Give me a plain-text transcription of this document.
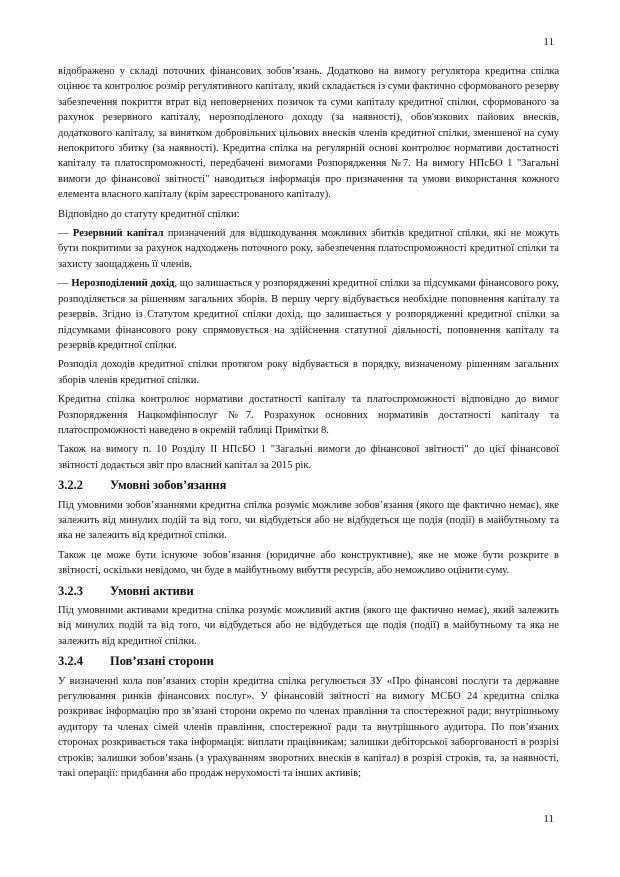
11

відображено у складі поточних фінансових зобов’язань. Додатково на вимогу регулятора кредитна спілка оцінює та контролює розмір регулятивного капіталу, який складається із суми фактично сформованого резерву забезпечення покриття втрат від неповернених позичок та суми капіталу кредитної спілки, сформованого за рахунок резервного капіталу, нерозподіленого доходу (за наявності), обов'язкових пайових внесків, додаткового капіталу, за винятком добровільних цільових внесків членів кредитної спілки, зменшеної на суму непокритого збитку (за наявності). Кредитна спілка на регулярній основі контролює нормативи достатності капіталу та платоспроможності, передбачені вимогами Розпорядження №7. На вимогу НПсБО 1 "Загальні вимоги до фінансової звітності" наводиться інформація про призначення та умови використання кожного елемента власного капіталу (крім зареєстрованого капіталу).

Відповідно до статуту кредитної спілки:

— Резервний капітал призначений для відшкодування можливих збитків кредитної спілки, які не можуть бути покритими за рахунок надходжень поточного року, забезпечення платоспроможності кредитної спілки та захисту заощаджень її членів.

— Нерозподілений дохід, що залишається у розпорядженні кредитної спілки за підсумками фінансового року, розподіляється за рішенням загальних зборів. В першу чергу відбувається необхідне поповнення капіталу та резервів. Згідно із Статутом кредитної спілки дохід, що залишається у розпорядженні кредитної спілки за підсумками фінансового року спрямовується на здійснення статутної діяльності, поповнення капіталу та резервів кредитної спілки.

Розподіл доходів кредитної спілки протягом року відбувається в порядку, визначеному рішенням загальних зборів членів кредитної спілки.

Кредитна спілка контролює нормативи достатності капіталу та платоспроможності відповідно до вимог Розпорядження Нацкомфінпослуг №7. Розрахунок основних нормативів достатності капіталу та платоспроможності наведено в окремій таблиці Примітки 8.

Також на вимогу п. 10 Розділу ІІ НПсБО 1 "Загальні вимоги до фінансової звітності" до цієї фінансової звітності додається звіт про власний капітал за 2015 рік.

3.2.2	Умовні зобов’язання

Під умовними зобов’язаннями кредитна спілка розуміє можливе зобов’язання (якого ще фактично немає), яке залежить від минулих подій та від того, чи відбудеться або не відбудеться ще подія (події) в майбутньому та яка не залежить від кредитної спілки.

Також це може бути існуюче зобов’язання (юридичне або конструктивне), яке не може бути розкрите в звітності, оскільки невідомо, чи буде в майбутньому вибуття ресурсів, або неможливо оцінити суму.

3.2.3	Умовні активи

Під умовними активами кредитна спілка розуміє можливий актив (якого ще фактично немає), який залежить від минулих подій та від того, чи відбудеться або не відбудеться ще подія (події) в майбутньому та яка не залежить від кредитної спілки.

3.2.4	Пов’язані сторони

У визначенні кола пов’язаних сторін кредитна спілка регулюється ЗУ «Про фінансові послуги та державне регулювання ринків фінансових послуг». У фінансовій звітності на вимогу МСБО 24 кредитна спілка розкриває інформацію про зв’язані сторони окремо по членах правління та спостережної ради; внутрішньому аудитору та членах сімей членів правління, спостережної ради та внутрішнього аудитора. По пов’язаних сторонах розкривається така інформація: виплати працівникам; залишки дебіторської заборгованості в розрізі строків; залишки зобов’язань (з урахуванням зворотних внесків в капітал) в розрізі строків, та, за наявності, такі операції: придбання або продаж нерухомості та інших активів;

11
